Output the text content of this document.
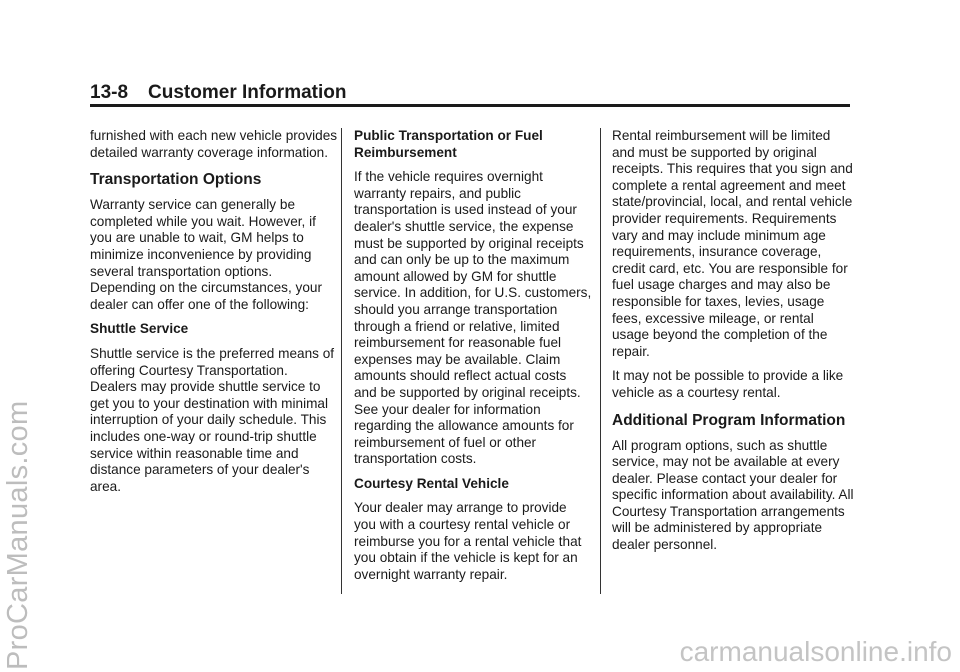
13-8 Customer Information

furnished with each new vehicle provides detailed warranty coverage information.

Transportation Options

Warranty service can generally be completed while you wait. However, if you are unable to wait, GM helps to minimize inconvenience by providing several transportation options. Depending on the circumstances, your dealer can offer one of the following:

Shuttle Service

Shuttle service is the preferred means of offering Courtesy Transportation. Dealers may provide shuttle service to get you to your destination with minimal interruption of your daily schedule. This includes one-way or round-trip shuttle service within reasonable time and distance parameters of your dealer's area.

Public Transportation or Fuel Reimbursement

If the vehicle requires overnight warranty repairs, and public transportation is used instead of your dealer's shuttle service, the expense must be supported by original receipts and can only be up to the maximum amount allowed by GM for shuttle service. In addition, for U.S. customers, should you arrange transportation through a friend or relative, limited reimbursement for reasonable fuel expenses may be available. Claim amounts should reflect actual costs and be supported by original receipts. See your dealer for information regarding the allowance amounts for reimbursement of fuel or other transportation costs.

Courtesy Rental Vehicle

Your dealer may arrange to provide you with a courtesy rental vehicle or reimburse you for a rental vehicle that you obtain if the vehicle is kept for an overnight warranty repair.

Rental reimbursement will be limited and must be supported by original receipts. This requires that you sign and complete a rental agreement and meet state/provincial, local, and rental vehicle provider requirements. Requirements vary and may include minimum age requirements, insurance coverage, credit card, etc. You are responsible for fuel usage charges and may also be responsible for taxes, levies, usage fees, excessive mileage, or rental usage beyond the completion of the repair.

It may not be possible to provide a like vehicle as a courtesy rental.

Additional Program Information

All program options, such as shuttle service, may not be available at every dealer. Please contact your dealer for specific information about availability. All Courtesy Transportation arrangements will be administered by appropriate dealer personnel.

ProCarManuals.com	carmanualsonline.info
